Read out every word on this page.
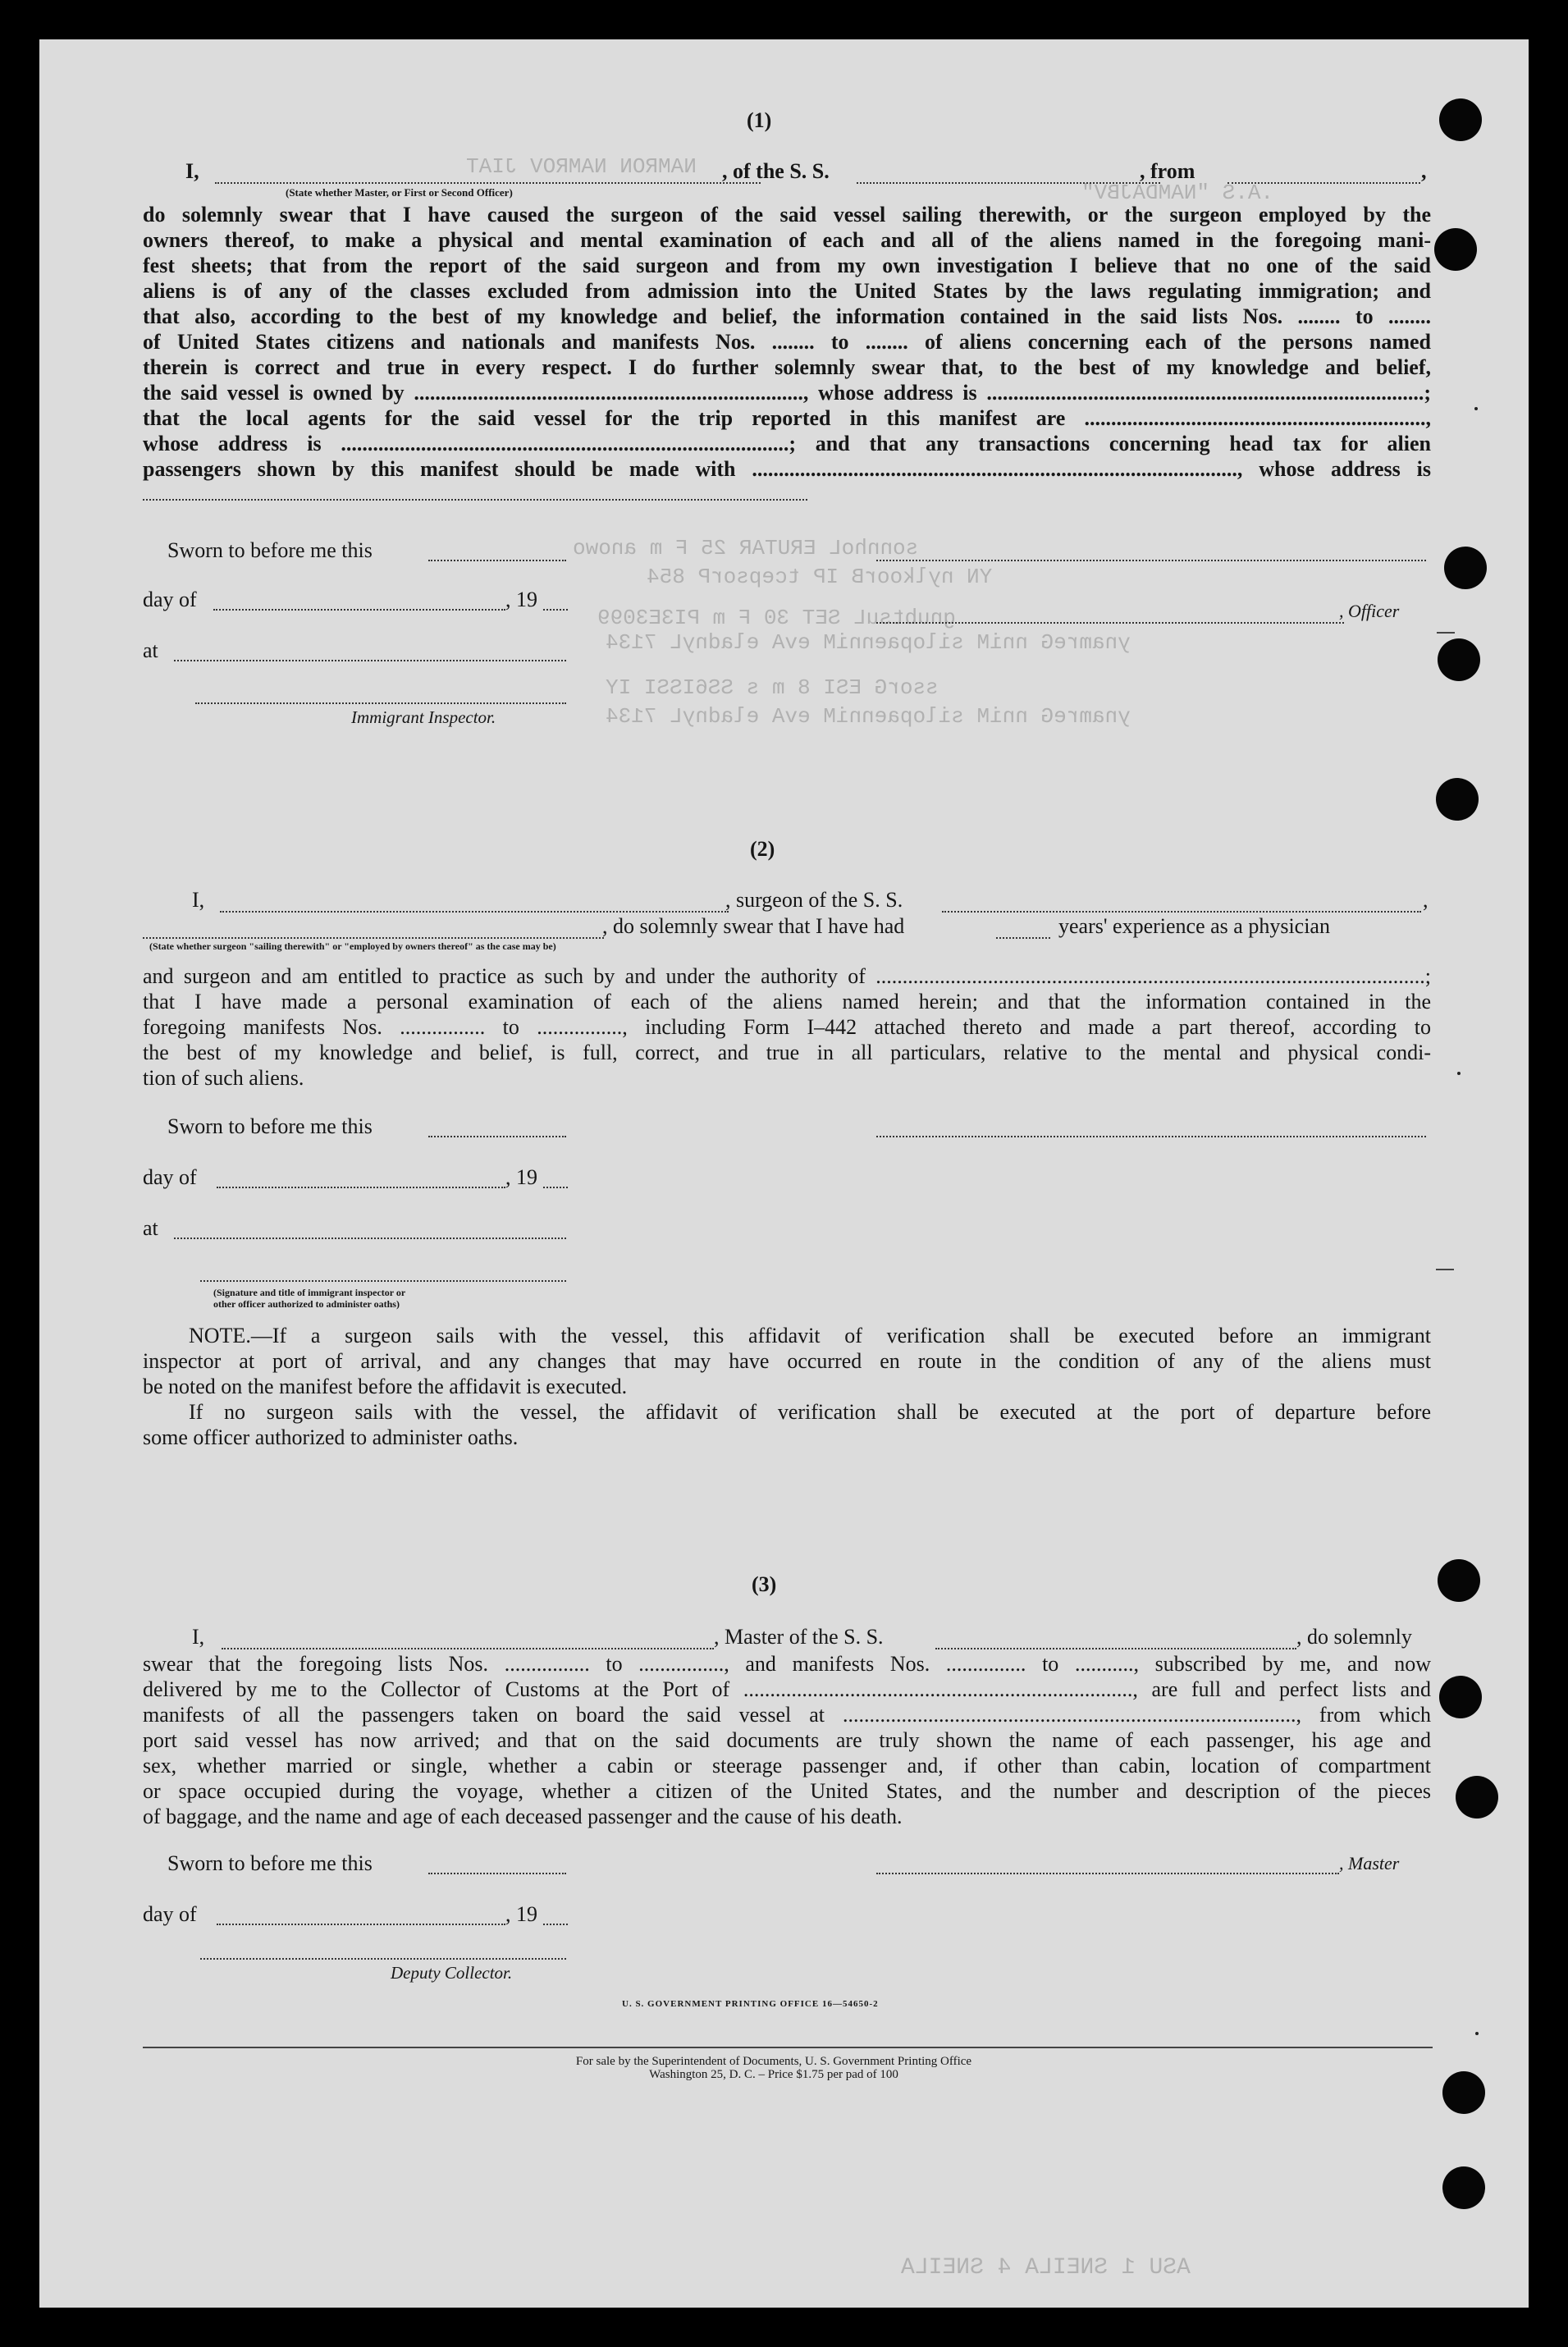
NAMRON NAMROV JIAT
.A.S "NAMDAJBV"
sonnhoL ERUTAR 25 F m anowo
YN nylkoorB IP tcepsorP 854
gnubtsuL SET 30 F m PI3E3099
ynamreG nniM silopaenniM evA eladnyL 7134
ssorG ESI 8 m s SS6ISSI IY
ynamreG nniM silopaenniM evA eladnyL 7134
ASU 1 SNEILA 4 SNEILA
(1)
I,	, of the S. S.	, from	,
(State whether Master, or First or Second Officer)
do solemnly swear that I have caused the surgeon of the said vessel sailing therewith, or the surgeon employed by the
owners thereof, to make a physical and mental examination of each and all of the aliens named in the foregoing mani-
fest sheets; that from the report of the said surgeon and from my own investigation I believe that no one of the said
aliens is of any of the classes excluded from admission into the United States by the laws regulating immigration; and
that also, according to the best of my knowledge and belief, the information contained in the said lists Nos. ........ to ........
of United States citizens and nationals and manifests Nos. ........ to ........ of aliens concerning each of the persons named
therein is correct and true in every respect. I do further solemnly swear that, to the best of my knowledge and belief,
the said vessel is owned by ........................................................................., whose address is ..................................................................................;
that the local agents for the said vessel for the trip reported in this manifest are ................................................................,
whose address is ....................................................................................; and that any transactions concerning head tax for alien
passengers shown by this manifest should be made with ..........................................................................................., whose address is
Sworn to before me this
day of	, 19	, Officer
at
Immigrant Inspector.
(2)
I,	, surgeon of the S. S.	,
, do solemnly swear that I have had	years' experience as a physician
(State whether surgeon "sailing therewith" or "employed by owners thereof" as the case may be)
and surgeon and am entitled to practice as such by and under the authority of .......................................................................................................;
that I have made a personal examination of each of the aliens named herein; and that the information contained in the
foregoing manifests Nos. ................ to ................, including Form I–442 attached thereto and made a part thereof, according to
the best of my knowledge and belief, is full, correct, and true in all particulars, relative to the mental and physical condi-
tion of such aliens.
Sworn to before me this
day of	, 19
at
(Signature and title of immigrant inspector or
other officer authorized to administer oaths)
NOTE.—If a surgeon sails with the vessel, this affidavit of verification shall be executed before an immigrant
inspector at port of arrival, and any changes that may have occurred en route in the condition of any of the aliens must
be noted on the manifest before the affidavit is executed.
If no surgeon sails with the vessel, the affidavit of verification shall be executed at the port of departure before
some officer authorized to administer oaths.
(3)
I,	, Master of the S. S.	, do solemnly
swear that the foregoing lists Nos. ................ to ................, and manifests Nos. ............... to ..........., subscribed by me, and now
delivered by me to the Collector of Customs at the Port of ........................................................................., are full and perfect lists and
manifests of all the passengers taken on board the said vessel at ....................................................................................., from which
port said vessel has now arrived; and that on the said documents are truly shown the name of each passenger, his age and
sex, whether married or single, whether a cabin or steerage passenger and, if other than cabin, location of compartment
or space occupied during the voyage, whether a citizen of the United States, and the number and description of the pieces
of baggage, and the name and age of each deceased passenger and the cause of his death.
Sworn to before me this	, Master
day of	, 19
Deputy Collector.
U. S. GOVERNMENT PRINTING OFFICE 16—54650-2
For sale by the Superintendent of Documents, U. S. Government Printing Office
Washington 25, D. C. – Price $1.75 per pad of 100
